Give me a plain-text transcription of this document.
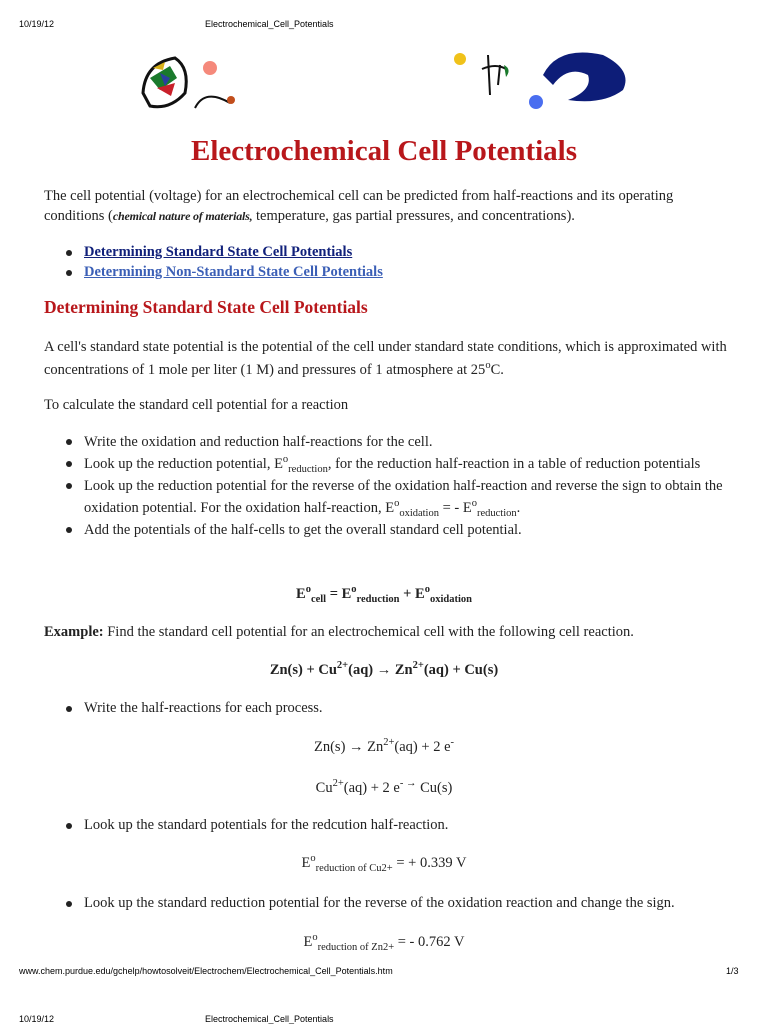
10/19/12	Electrochemical_Cell_Potentials
Electrochemical Cell Potentials

The cell potential (voltage) for an electrochemical cell can be predicted from half-reactions and its operating conditions (chemical nature of materials, temperature, gas partial pressures, and concentrations).

Determining Standard State Cell Potentials
Determining Non-Standard State Cell Potentials
Determining Standard State Cell Potentials

A cell's standard state potential is the potential of the cell under standard state conditions, which is approximated with concentrations of 1 mole per liter (1 M) and pressures of 1 atmosphere at 25$^o$C.

To calculate the standard cell potential for a reaction

Write the oxidation and reduction half-reactions for the cell.
Look up the reduction potential, $E^o_{reduction}$, for the reduction half-reaction in a table of reduction potentials
Look up the reduction potential for the reverse of the oxidation half-reaction and reverse the sign to obtain the oxidation potential. For the oxidation half-reaction, $E^o_{oxidation}$ = - $E^o_{reduction}$.
Add the potentials of the half-cells to get the overall standard cell potential.
$E^o_{cell} = E^o_{reduction} + E^o_{oxidation}$

Example: Find the standard cell potential for an electrochemical cell with the following cell reaction.

$Zn(s) + Cu^{2+}(aq) \to Zn^{2+}(aq) + Cu(s)$
Write the half-reactions for each process.
$Zn(s) \to Zn^{2+}(aq) + 2$ e-
$Cu^{2+}(aq) + 2$ e- → Cu(s)
Look up the standard potentials for the redcution half-reaction.
$E^o_{reduction of Cu2+}$ = + 0.339 V
Look up the standard reduction potential for the reverse of the oxidation reaction and change the sign.
$E^o_{reduction of Zn2+}$ = - 0.762 V
www.chem.purdue.edu/gchelp/howtosolveit/Electrochem/Electrochemical_Cell_Potentials.htm	1/3
10/19/12	Electrochemical_Cell_Potentials
